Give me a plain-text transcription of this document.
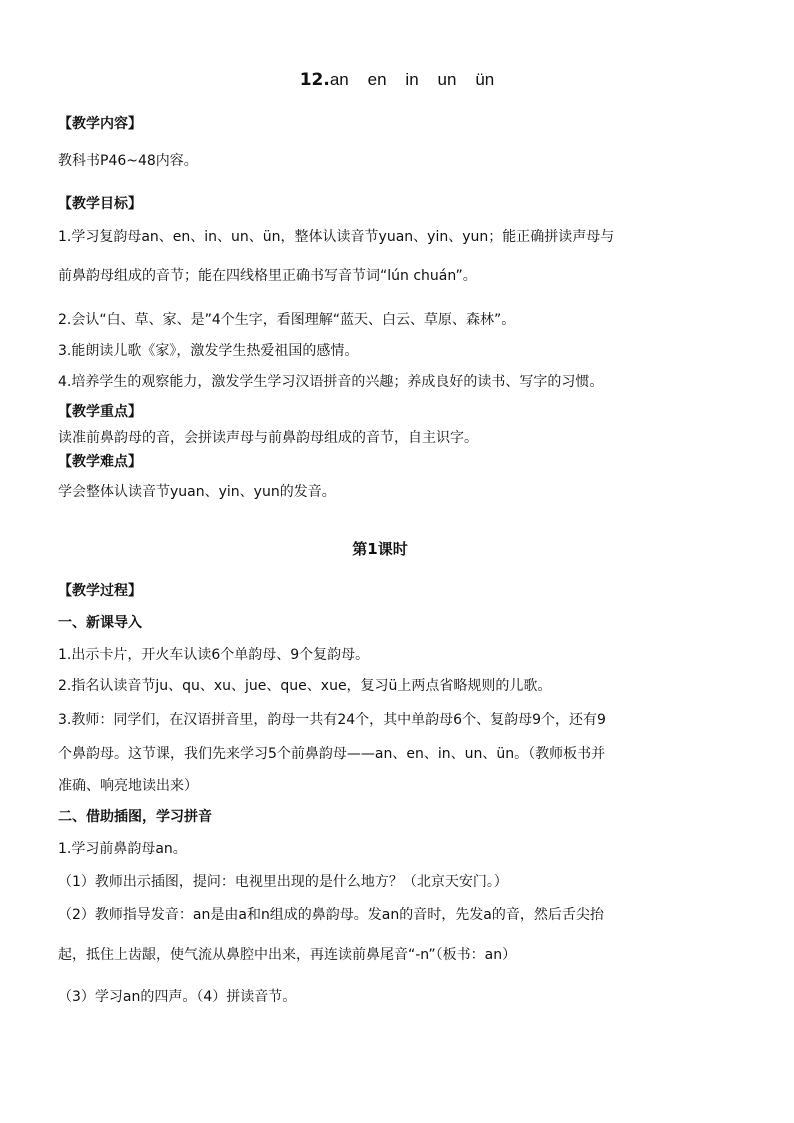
12.an    en    in    un    ün
【教学内容】
教科书P46~48内容。
【教学目标】
1.学习复韵母an、en、in、un、ün，整体认读音节yuan、yin、yun；能正确拼读声母与
前鼻韵母组成的音节；能在四线格里正确书写音节词“lún chuán”。
2.会认“白、草、家、是”4个生字，看图理解“蓝天、白云、草原、森林”。
3.能朗读儿歌《家》，激发学生热爱祖国的感情。
4.培养学生的观察能力，激发学生学习汉语拼音的兴趣；养成良好的读书、写字的习惯。
【教学重点】
读准前鼻韵母的音，会拼读声母与前鼻韵母组成的音节，自主识字。
【教学难点】
学会整体认读音节yuan、yin、yun的发音。
第1课时
【教学过程】
一、新课导入
1.出示卡片，开火车认读6个单韵母、9个复韵母。
2.指名认读音节ju、qu、xu、jue、que、xue，复习ü上两点省略规则的儿歌。
3.教师：同学们，在汉语拼音里，韵母一共有24个，其中单韵母6个、复韵母9个，还有9
个鼻韵母。这节课，我们先来学习5个前鼻韵母——an、en、in、un、ün。（教师板书并
准确、响亮地读出来）
二、借助插图，学习拼音
1.学习前鼻韵母an。
（1）教师出示插图，提问：电视里出现的是什么地方？（北京天安门。）
（2）教师指导发音：an是由a和n组成的鼻韵母。发an的音时，先发a的音，然后舌尖抬
起，抵住上齿龈，使气流从鼻腔中出来，再连读前鼻尾音“-n”（板书：an）
（3）学习an的四声。（4）拼读音节。
